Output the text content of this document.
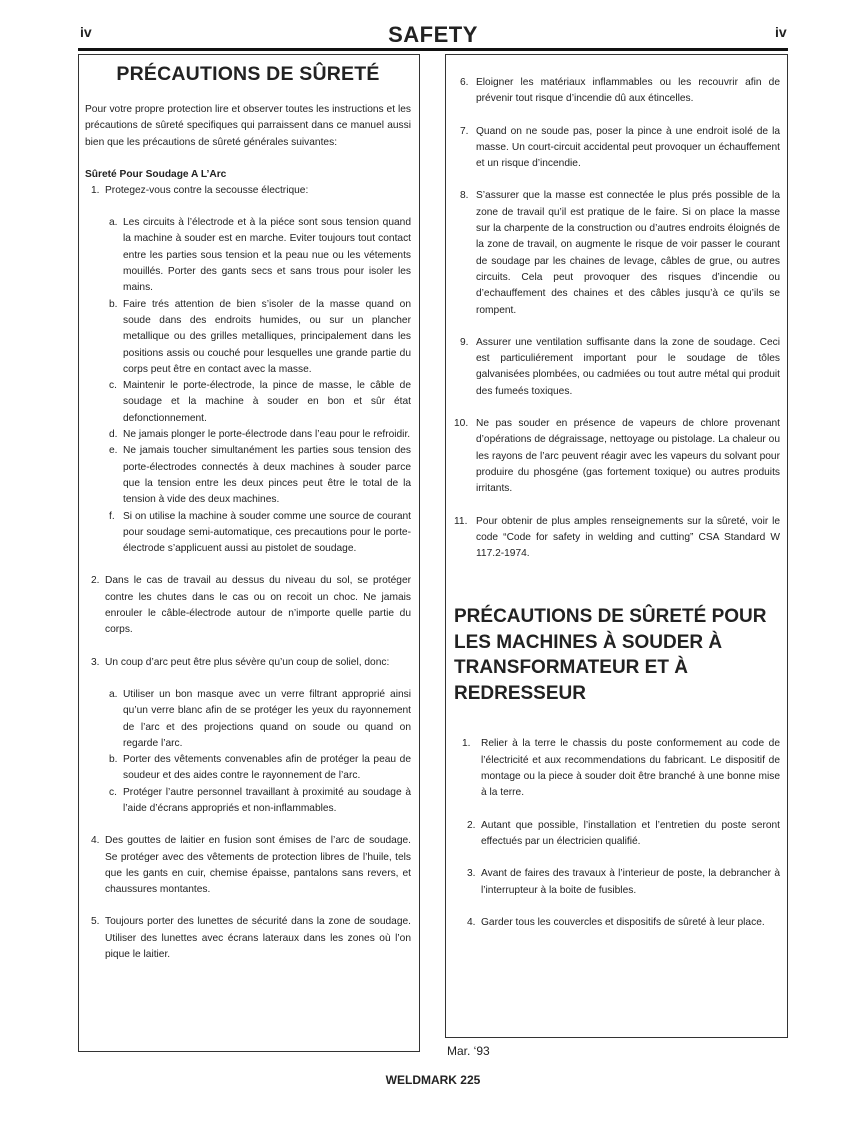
iv	SAFETY	iv
PRÉCAUTIONS DE SÛRETÉ

Pour votre propre protection lire et observer toutes les instructions et les précautions de sûreté specifiques qui parraissent dans ce manuel aussi bien que les précautions de sûreté générales suivantes:

Sûreté Pour Soudage A L’Arc
1. Protegez-vous contre la secousse électrique:
a. Les circuits à l’électrode et à la piéce sont sous tension quand la machine à souder est en marche. Eviter toujours tout contact entre les parties sous tension et la peau nue ou les vétements mouillés. Porter des gants secs et sans trous pour isoler les mains.
b. Faire trés attention de bien s’isoler de la masse quand on soude dans des endroits humides, ou sur un plancher metallique ou des grilles metalliques, principalement dans les positions assis ou couché pour lesquelles une grande partie du corps peut être en contact avec la masse.
c. Maintenir le porte-électrode, la pince de masse, le câble de soudage et la machine à souder en bon et sûr état defonctionnement.
d. Ne jamais plonger le porte-électrode dans l’eau pour le refroidir.
e. Ne jamais toucher simultanément les parties sous tension des porte-électrodes connectés à deux machines à souder parce que la tension entre les deux pinces peut être le total de la tension à vide des deux machines.
f. Si on utilise la machine à souder comme une source de courant pour soudage semi-automatique, ces precautions pour le porte-électrode s’applicuent aussi au pistolet de soudage.
2. Dans le cas de travail au dessus du niveau du sol, se protéger contre les chutes dans le cas ou on recoit un choc. Ne jamais enrouler le câble-électrode autour de n’importe quelle partie du corps.
3. Un coup d’arc peut être plus sévère qu’un coup de soliel, donc:
a. Utiliser un bon masque avec un verre filtrant approprié ainsi qu’un verre blanc afin de se protéger les yeux du rayonnement de l’arc et des projections quand on soude ou quand on regarde l’arc.
b. Porter des vêtements convenables afin de protéger la peau de soudeur et des aides contre le rayonnement de l’arc.
c. Protéger l’autre personnel travaillant à proximité au soudage à l’aide d’écrans appropriés et non-inflammables.
4. Des gouttes de laitier en fusion sont émises de l’arc de soudage. Se protéger avec des vêtements de protection libres de l’huile, tels que les gants en cuir, chemise épaisse, pantalons sans revers, et chaussures montantes.
5. Toujours porter des lunettes de sécurité dans la zone de soudage. Utiliser des lunettes avec écrans lateraux dans les zones où l’on pique le laitier.
6. Eloigner les matériaux inflammables ou les recouvrir afin de prévenir tout risque d’incendie dû aux étincelles.
7. Quand on ne soude pas, poser la pince à une endroit isolé de la masse. Un court-circuit accidental peut provoquer un échauffement et un risque d’incendie.
8. S’assurer que la masse est connectée le plus prés possible de la zone de travail qu’il est pratique de le faire. Si on place la masse sur la charpente de la construction ou d’autres endroits éloignés de la zone de travail, on augmente le risque de voir passer le courant de soudage par les chaines de levage, câbles de grue, ou autres circuits. Cela peut provoquer des risques d’incendie ou d’echauffement des chaines et des câbles jusqu’à ce qu’ils se rompent.
9. Assurer une ventilation suffisante dans la zone de soudage. Ceci est particuliérement important pour le soudage de tôles galvanisées plombées, ou cadmiées ou tout autre métal qui produit des fumeés toxiques.
10. Ne pas souder en présence de vapeurs de chlore provenant d’opérations de dégraissage, nettoyage ou pistolage. La chaleur ou les rayons de l’arc peuvent réagir avec les vapeurs du solvant pour produire du phosgéne (gas fortement toxique) ou autres produits irritants.
11. Pour obtenir de plus amples renseignements sur la sûreté, voir le code “Code for safety in welding and cutting” CSA Standard W 117.2-1974.
PRÉCAUTIONS DE SÛRETÉ POUR LES MACHINES À SOUDER À TRANSFORMATEUR ET À REDRESSEUR
1. Relier à la terre le chassis du poste conformement au code de l’électricité et aux recommendations du fabricant. Le dispositif de montage ou la piece à souder doit être branché à une bonne mise à la terre.
2. Autant que possible, l’installation et l’entretien du poste seront effectués par un électricien qualifié.
3. Avant de faires des travaux à l’interieur de poste, la debrancher à l’interrupteur à la boite de fusibles.
4. Garder tous les couvercles et dispositifs de sûreté à leur place.
Mar. ‘93
WELDMARK 225
